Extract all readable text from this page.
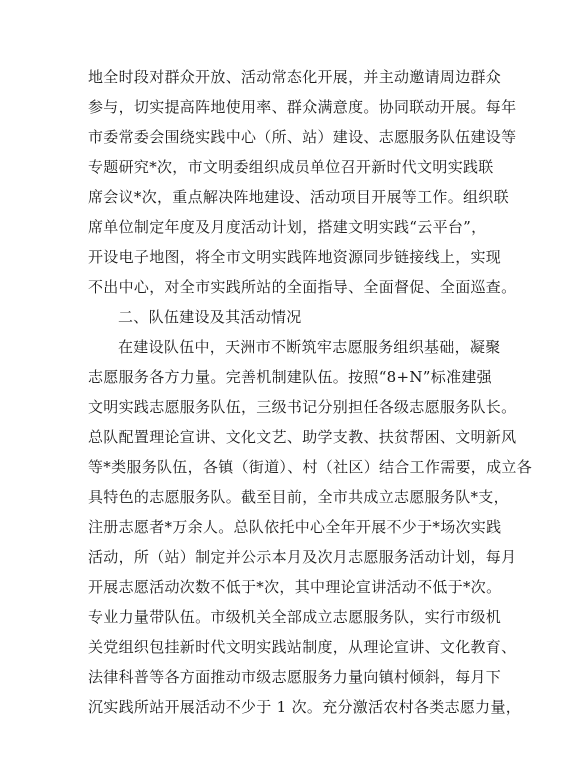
地全时段对群众开放、活动常态化开展，并主动邀请周边群众
参与，切实提高阵地使用率、群众满意度。协同联动开展。每年
市委常委会围绕实践中心（所、站）建设、志愿服务队伍建设等
专题研究*次，市文明委组织成员单位召开新时代文明实践联
席会议*次，重点解决阵地建设、活动项目开展等工作。组织联
席单位制定年度及月度活动计划，搭建文明实践“云平台”，
开设电子地图，将全市文明实践阵地资源同步链接线上，实现
不出中心，对全市实践所站的全面指导、全面督促、全面巡查。
二、队伍建设及其活动情况
在建设队伍中，天洲市不断筑牢志愿服务组织基础，凝聚
志愿服务各方力量。完善机制建队伍。按照“8+N”标准建强
文明实践志愿服务队伍，三级书记分别担任各级志愿服务队长。
总队配置理论宣讲、文化文艺、助学支教、扶贫帮困、文明新风
等*类服务队伍，各镇（街道）、村（社区）结合工作需要，成立各
具特色的志愿服务队。截至目前，全市共成立志愿服务队*支，
注册志愿者*万余人。总队依托中心全年开展不少于*场次实践
活动，所（站）制定并公示本月及次月志愿服务活动计划，每月
开展志愿活动次数不低于*次，其中理论宣讲活动不低于*次。
专业力量带队伍。市级机关全部成立志愿服务队，实行市级机
关党组织包挂新时代文明实践站制度，从理论宣讲、文化教育、
法律科普等各方面推动市级志愿服务力量向镇村倾斜，每月下
沉实践所站开展活动不少于 1 次。充分激活农村各类志愿力量，
